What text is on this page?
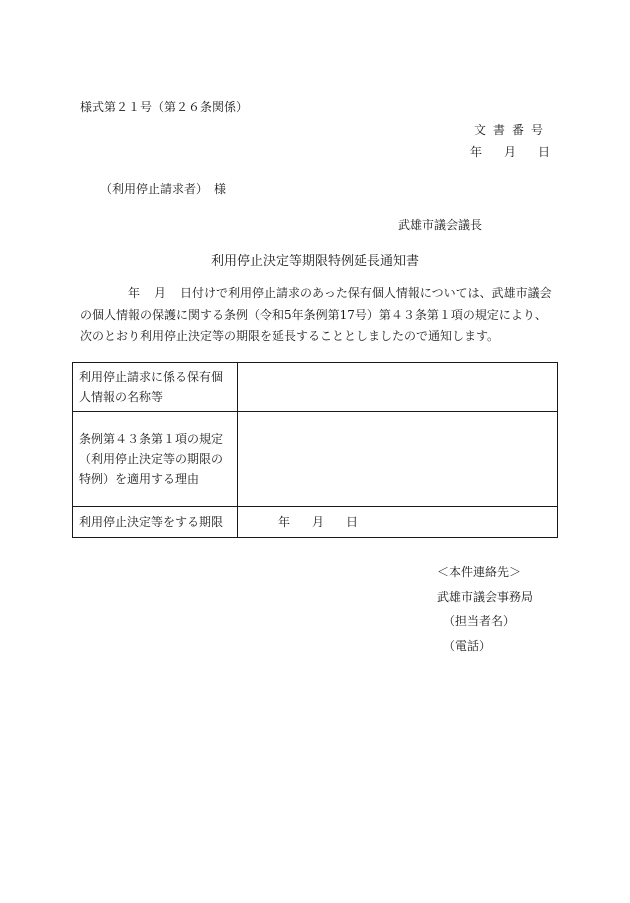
様式第２１号（第２６条関係）
文書番号
年 月 日
（利用停止請求者）　様
武雄市議会議長
利用停止決定等期限特例延長通知書
年 月 日付けで利用停止請求のあった保有個人情報については、武雄市議会の個人情報の保護に関する条例（令和5年条例第17号）第４３条第１項の規定により、次のとおり利用停止決定等の期限を延長することとしましたので通知します。
利用停止請求に係る保有個
人情報の名称等	

条例第４３条第１項の規定
（利用停止決定等の期限の
特例）を適用する理由	

利用停止決定等をする期限	年 月 日
＜本件連絡先＞
武雄市議会事務局
（担当者名）
（電話）
